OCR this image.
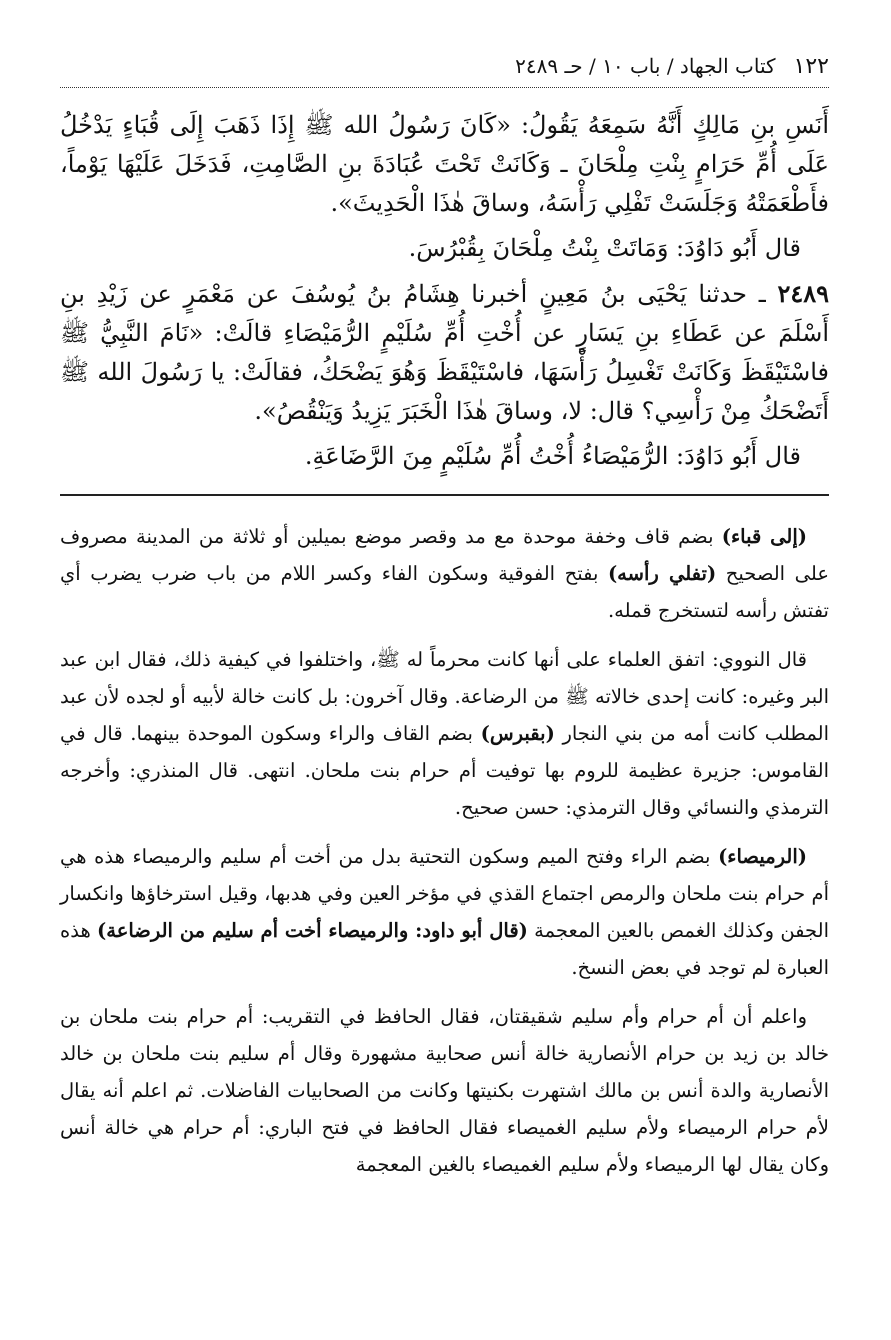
١٢٢
كتاب الجهاد / باب ١٠ / حـ ٢٤٨٩

أَنَسِ بنِ مَالِكٍ أَنَّهُ سَمِعَهُ يَقُولُ: «كَانَ رَسُولُ الله ﷺ إِذَا ذَهَبَ إِلَى قُبَاءٍ يَدْخُلُ عَلَى أُمِّ حَرَامٍ بِنْتِ مِلْحَانَ ـ وَكَانَتْ تَحْتَ عُبَادَةَ بنِ الصَّامِتِ، فَدَخَلَ عَلَيْهَا يَوْماً، فأَطْعَمَتْهُ وَجَلَسَتْ تَفْلِي رَأْسَهُ، وساقَ هٰذَا الْحَدِيثَ».

قال أَبُو دَاوُدَ: وَمَاتَتْ بِنْتُ مِلْحَانَ بِقُبْرُسَ.

٢٤٨٩ ـ حدثنا يَحْيَى بنُ مَعِينٍ أخبرنا هِشَامُ بنُ يُوسُفَ عن مَعْمَرٍ عن زَيْدِ بنِ أَسْلَمَ عن عَطَاءِ بنِ يَسَارٍ عن أُخْتِ أُمِّ سُلَيْمٍ الرُّمَيْصَاءِ قالَتْ: «نَامَ النَّبِيُّ ﷺ فاسْتَيْقَظَ وَكَانَتْ تَغْسِلُ رَأْسَهَا، فاسْتَيْقَظَ وَهُوَ يَضْحَكُ، فقالَتْ: يا رَسُولَ الله ﷺ أَتَضْحَكُ مِنْ رَأْسِي؟ قال: لا، وساقَ هٰذَا الْخَبَرَ يَزِيدُ وَيَنْقُصُ».

قال أَبُو دَاوُدَ: الرُّمَيْصَاءُ أُخْتُ أُمِّ سُلَيْمٍ مِنَ الرَّضَاعَةِ.

(إلى قباء) بضم قاف وخفة موحدة مع مد وقصر موضع بميلين أو ثلاثة من المدينة مصروف على الصحيح (تفلي رأسه) بفتح الفوقية وسكون الفاء وكسر اللام من باب ضرب يضرب أي تفتش رأسه لتستخرج قمله.

قال النووي: اتفق العلماء على أنها كانت محرماً له ﷺ، واختلفوا في كيفية ذلك، فقال ابن عبد البر وغيره: كانت إحدى خالاته ﷺ من الرضاعة. وقال آخرون: بل كانت خالة لأبيه أو لجده لأن عبد المطلب كانت أمه من بني النجار (بقبرس) بضم القاف والراء وسكون الموحدة بينهما. قال في القاموس: جزيرة عظيمة للروم بها توفيت أم حرام بنت ملحان. انتهى. قال المنذري: وأخرجه الترمذي والنسائي وقال الترمذي: حسن صحيح.

(الرميصاء) بضم الراء وفتح الميم وسكون التحتية بدل من أخت أم سليم والرميصاء هذه هي أم حرام بنت ملحان والرمص اجتماع القذي في مؤخر العين وفي هدبها، وقيل استرخاؤها وانكسار الجفن وكذلك الغمص بالعين المعجمة (قال أبو داود: والرميصاء أخت أم سليم من الرضاعة) هذه العبارة لم توجد في بعض النسخ.

واعلم أن أم حرام وأم سليم شقيقتان، فقال الحافظ في التقريب: أم حرام بنت ملحان بن خالد بن زيد بن حرام الأنصارية خالة أنس صحابية مشهورة وقال أم سليم بنت ملحان بن خالد الأنصارية والدة أنس بن مالك اشتهرت بكنيتها وكانت من الصحابيات الفاضلات. ثم اعلم أنه يقال لأم حرام الرميصاء ولأم سليم الغميصاء فقال الحافظ في فتح الباري: أم حرام هي خالة أنس وكان يقال لها الرميصاء ولأم سليم الغميصاء بالغين المعجمة
